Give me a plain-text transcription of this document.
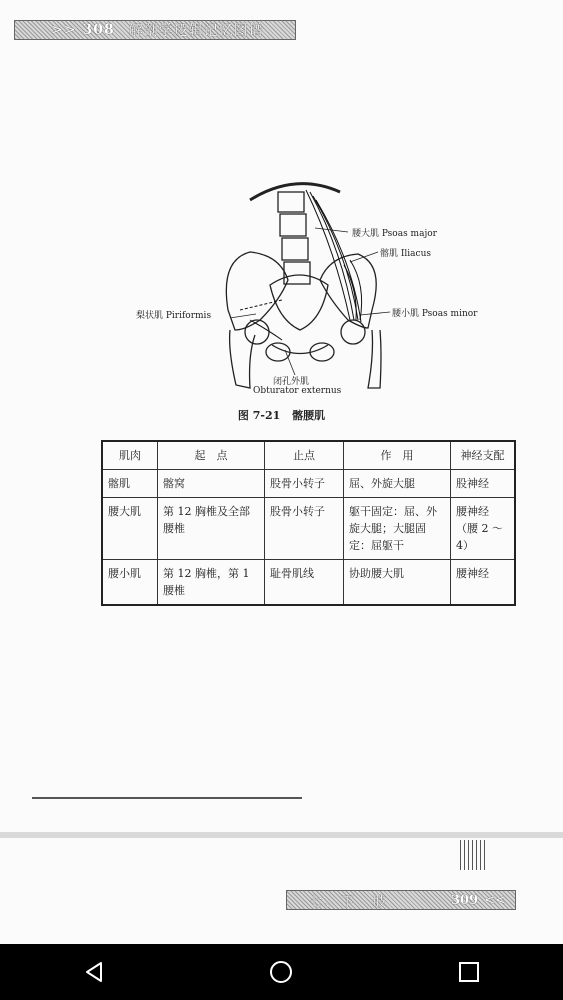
>> 308 解剖学逻辑记忆图谱
腰大肌 Psoas major
髂肌 Iliacus
梨状肌 Piriformis	腰小肌 Psoas minor
闭孔外肌
Obturator externus
图 7-21 髂腰肌
肌肉	起　点	止点	作　用	神经支配
髂肌	髂窝	股骨小转子	屈、外旋大腿	股神经
腰大肌	第 12 胸椎及全部腰椎	股骨小转子	躯干固定：屈、外旋大腿；大腿固定：屈躯干	腰神经（腰 2 ～ 4）
腰小肌	第 12 胸椎，第 1 腰椎	耻骨肌线	协助腰大肌	腰神经
七、下　肢	309 <<
